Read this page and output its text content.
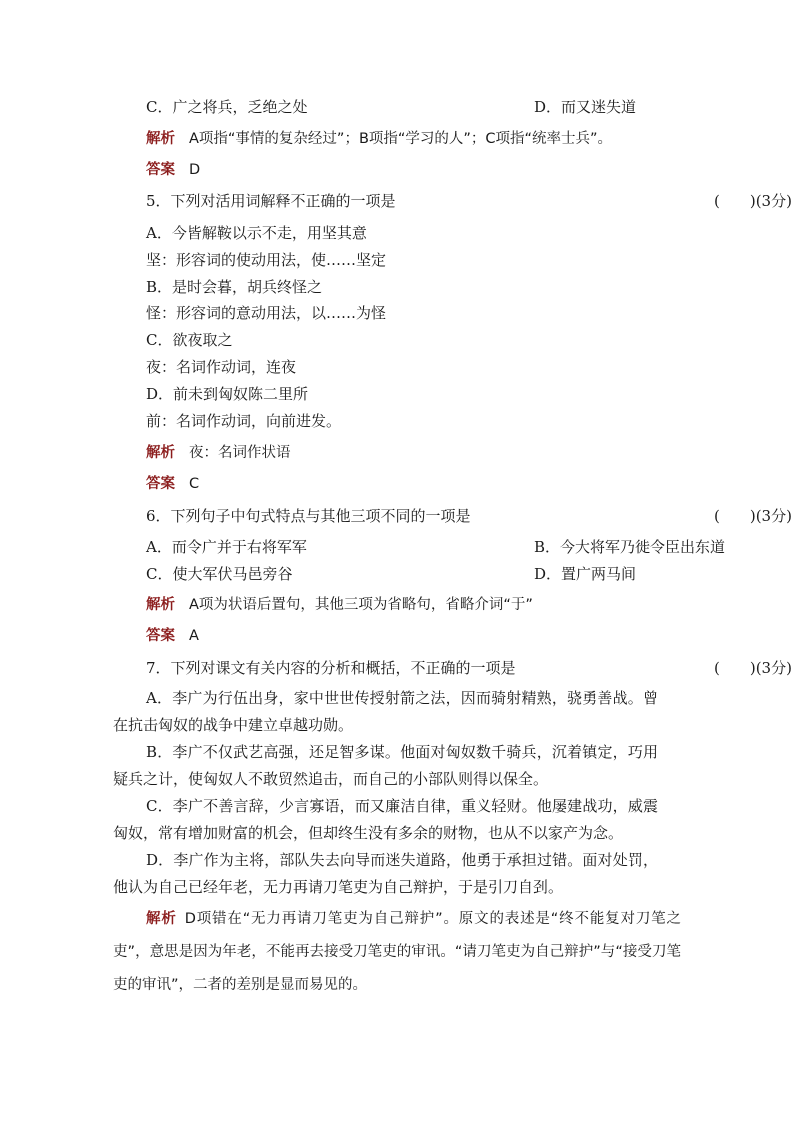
C．广之将兵，乏绝之处	D．而又迷失道
解析 A项指“事情的复杂经过”；B项指“学习的人”；C项指“统率士兵”。
答案 D
5．下列对活用词解释不正确的一项是	(　　)(3分)
A．今皆解鞍以示不走，用坚其意
坚：形容词的使动用法，使……坚定
B．是时会暮，胡兵终怪之
怪：形容词的意动用法，以……为怪
C．欲夜取之
夜：名词作动词，连夜
D．前未到匈奴陈二里所
前：名词作动词，向前进发。
解析 夜：名词作状语
答案 C
6．下列句子中句式特点与其他三项不同的一项是	(　　)(3分)
A．而令广并于右将军军	B．今大将军乃徙令臣出东道
C．使大军伏马邑旁谷	D．置广两马间
解析 A项为状语后置句，其他三项为省略句，省略介词“于”
答案 A
7．下列对课文有关内容的分析和概括，不正确的一项是	(　　)(3分)
A．李广为行伍出身，家中世世传授射箭之法，因而骑射精熟，骁勇善战。曾在抗击匈奴的战争中建立卓越功勋。
B．李广不仅武艺高强，还足智多谋。他面对匈奴数千骑兵，沉着镇定，巧用疑兵之计，使匈奴人不敢贸然追击，而自己的小部队则得以保全。
C．李广不善言辞，少言寡语，而又廉洁自律，重义轻财。他屡建战功，威震匈奴，常有增加财富的机会，但却终生没有多余的财物，也从不以家产为念。
D．李广作为主将，部队失去向导而迷失道路，他勇于承担过错。面对处罚，他认为自己已经年老，无力再请刀笔吏为自己辩护，于是引刀自刭。
解析 D项错在“无力再请刀笔吏为自己辩护”。原文的表述是“终不能复对刀笔之吏”，意思是因为年老，不能再去接受刀笔吏的审讯。“请刀笔吏为自己辩护”与“接受刀笔吏的审讯”，二者的差别是显而易见的。
